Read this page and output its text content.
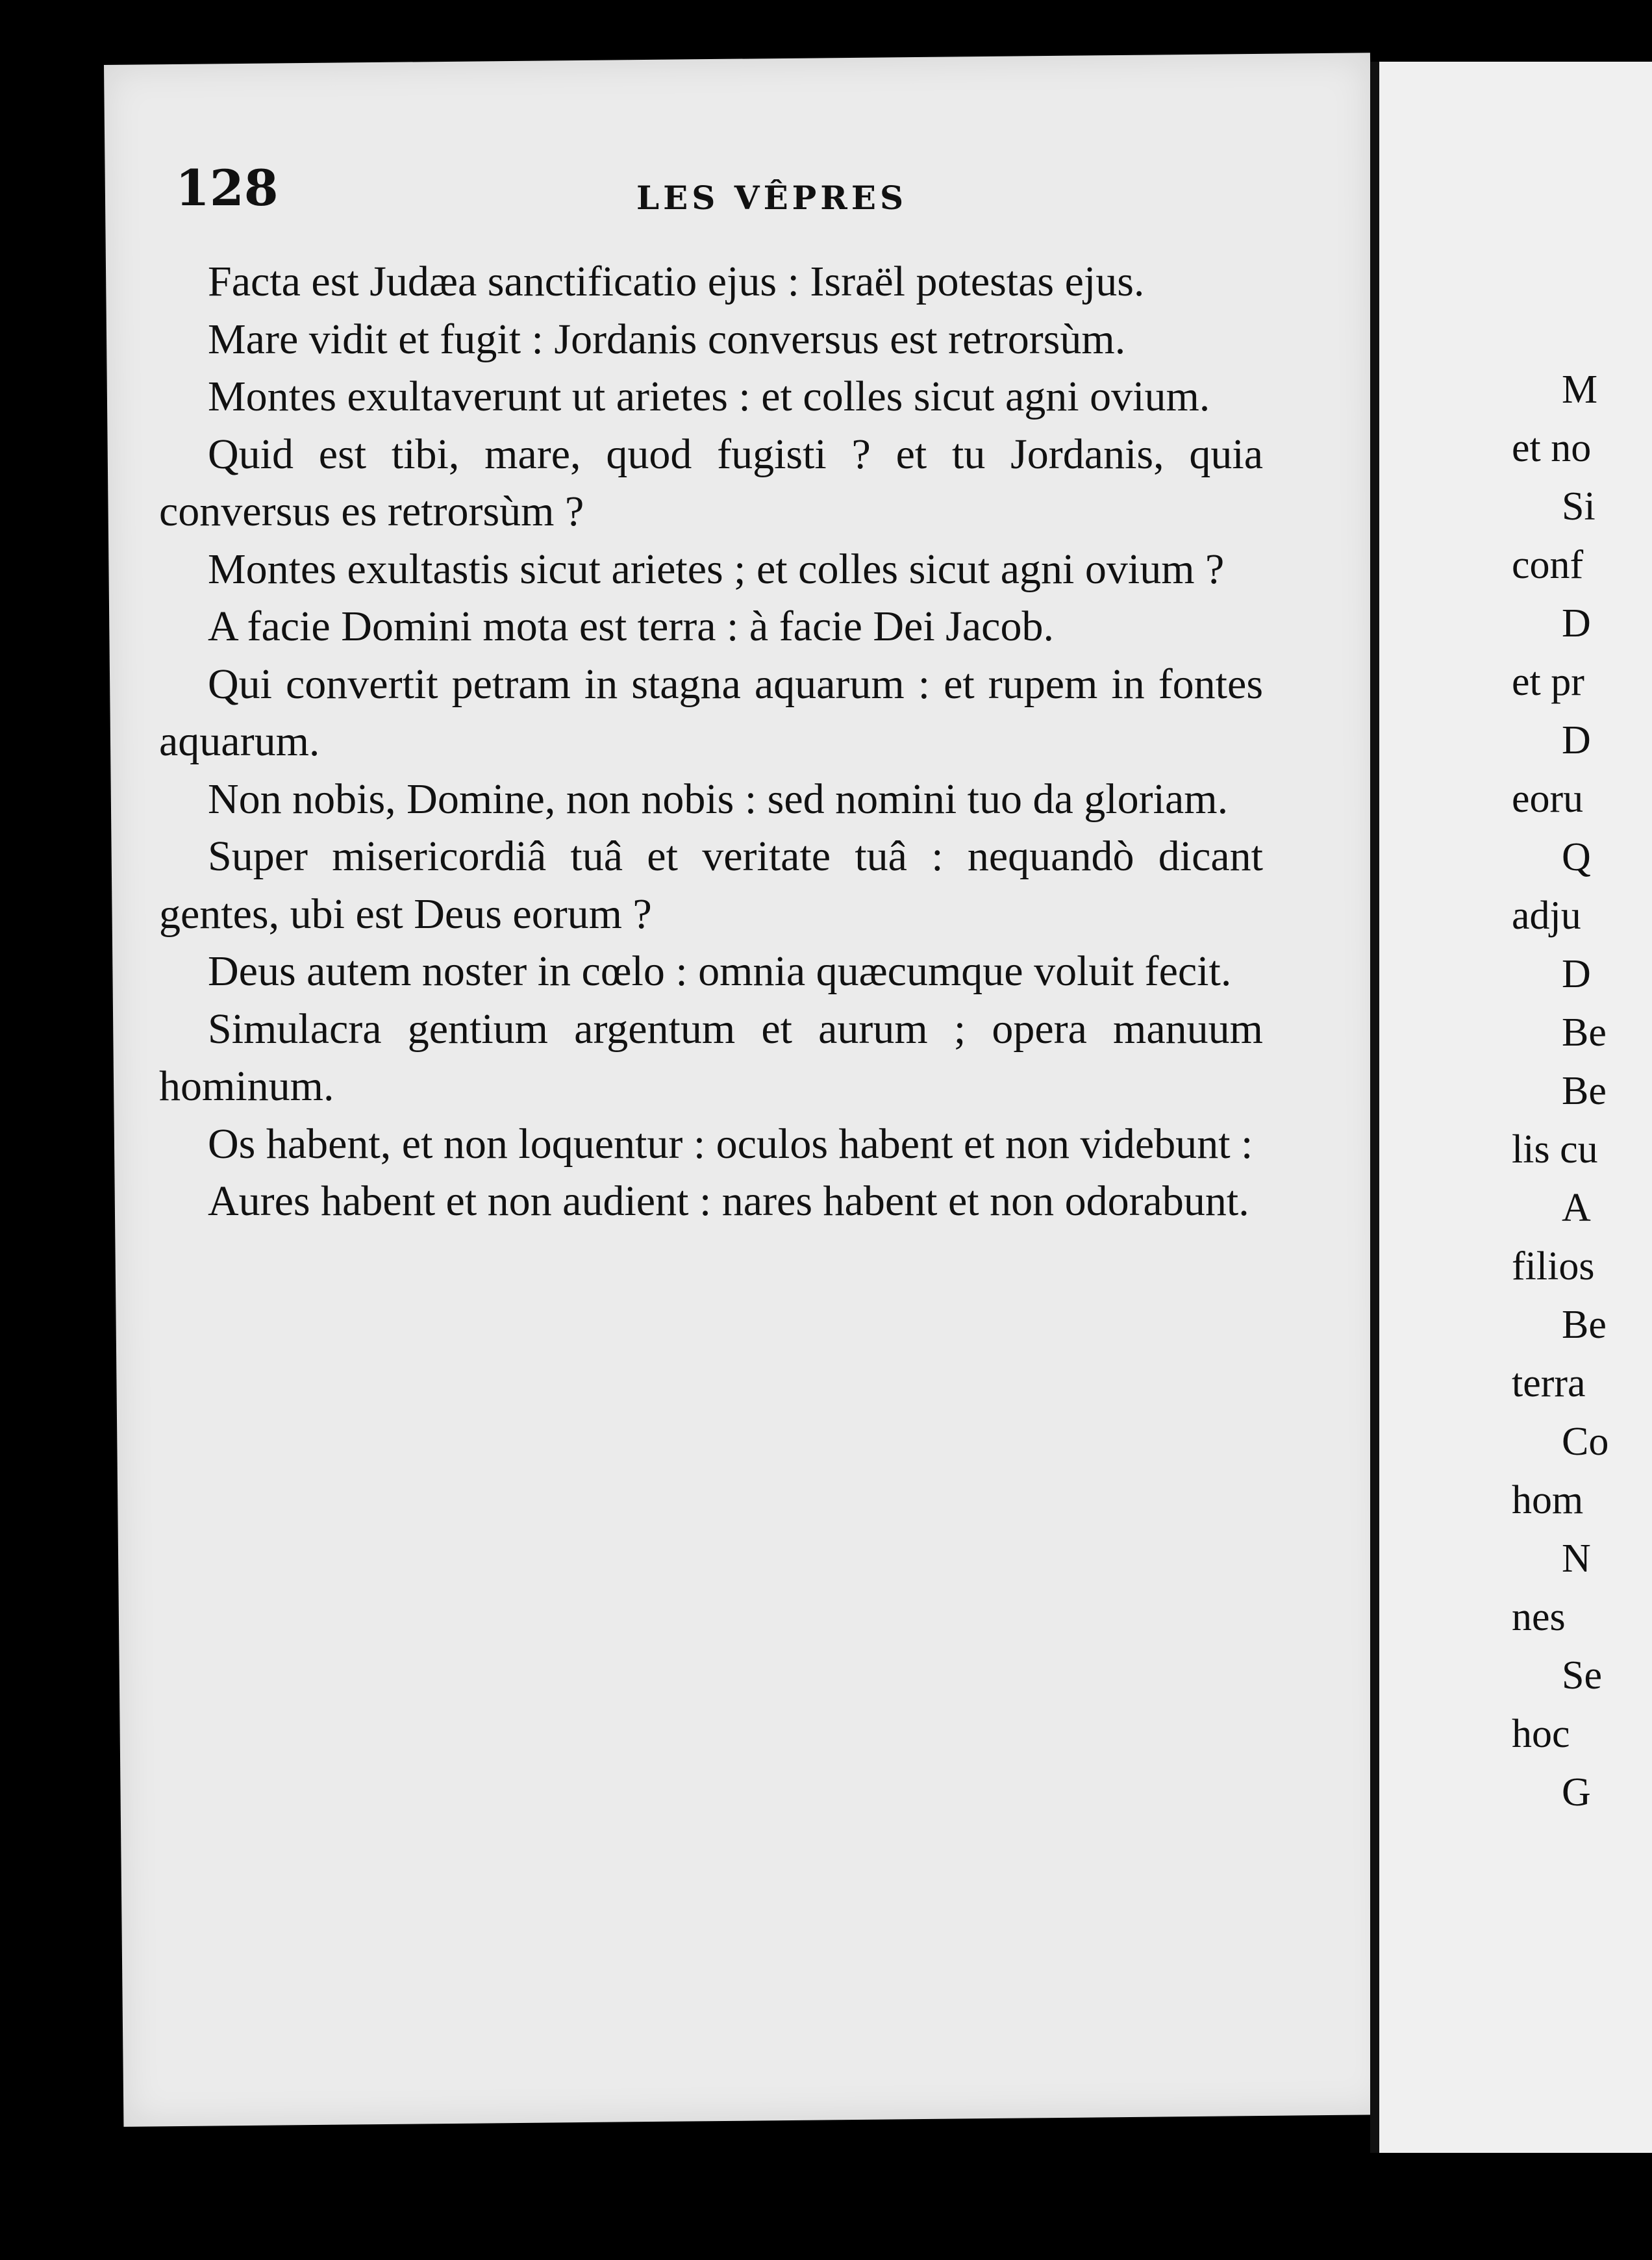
128	LES VÊPRES

Facta est Judæa sanctificatio ejus : Israël potestas ejus.

Mare vidit et fugit : Jordanis conversus est retrorsùm.

Montes exultaverunt ut arietes : et colles sicut agni ovium.

Quid est tibi, mare, quod fugisti ? et tu Jordanis, quia conversus es retrorsùm ?

Montes exultastis sicut arietes ; et colles sicut agni ovium ?

A facie Domini mota est terra : à facie Dei Jacob.

Qui convertit petram in stagna aquarum : et rupem in fontes aquarum.

Non nobis, Domine, non nobis : sed nomini tuo da gloriam.

Super misericordiâ tuâ et veritate tuâ : nequandò dicant gentes, ubi est Deus eorum ?

Deus autem noster in cœlo : omnia quæcumque voluit fecit.

Simulacra gentium argentum et aurum ; opera manuum hominum.

Os habent, et non loquentur : oculos habent et non videbunt :

Aures habent et non audient : nares habent et non odorabunt.

M
et no
Si
conf
D
et pr
D
eoru
Q
adju
D
Be
Be
lis cu
A
filios
Be
terra
Co
hom
N
nes
Se
hoc
G
